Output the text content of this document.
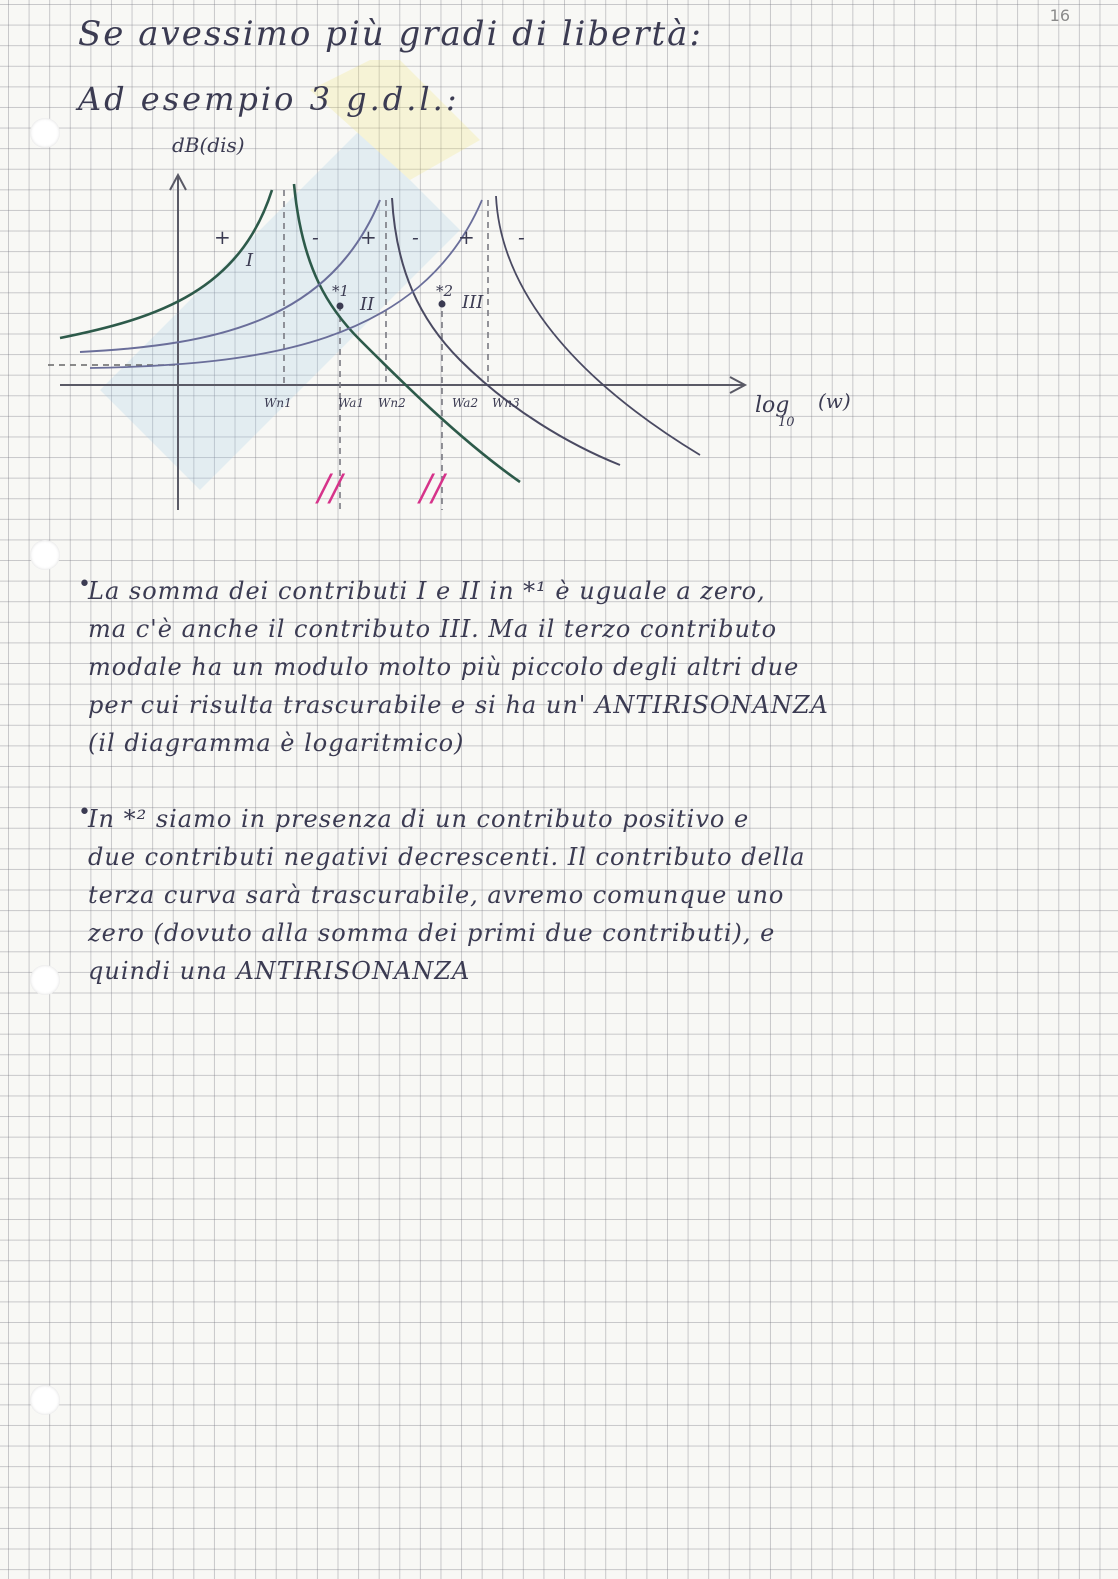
16
Se avessimo più gradi di libertà:
Ad esempio 3 g.d.l.:
dB(dis)
log
10
(w)
+	- + - + -
I
II	III
*1	*2
Wn1	Wa1 Wn2	Wa2 Wn3
// //
•
La somma dei contributi I e II in *¹ è uguale a zero,
ma c'è anche il contributo III. Ma il terzo contributo
modale ha un modulo molto più piccolo degli altri due
per cui risulta trascurabile e si ha un' ANTIRISONANZA
(il diagramma è logaritmico)
•
In *² siamo in presenza di un contributo positivo e
due contributi negativi decrescenti. Il contributo della
terza curva sarà trascurabile, avremo comunque uno
zero (dovuto alla somma dei primi due contributi), e
quindi una ANTIRISONANZA
